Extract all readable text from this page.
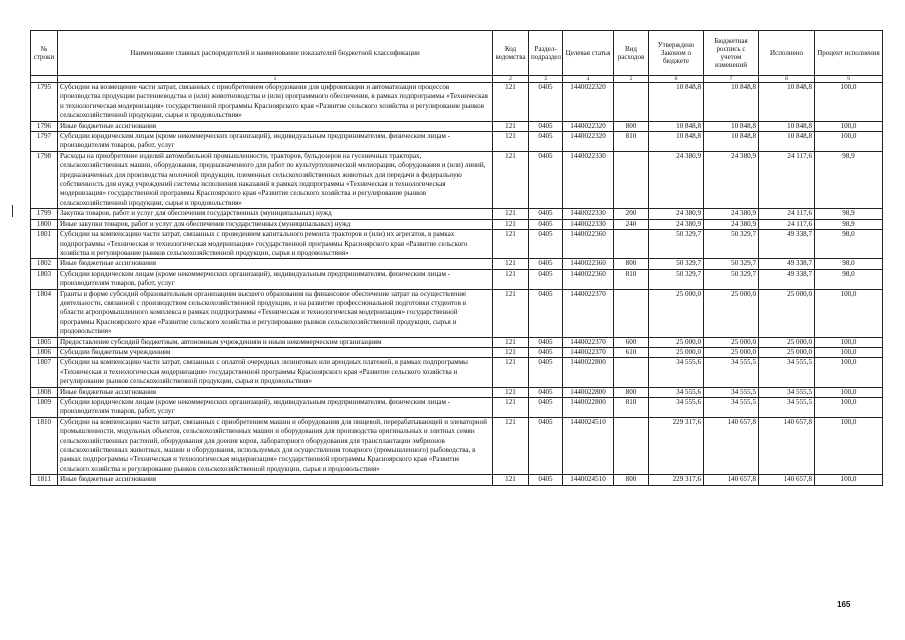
№ строки	Наименование главных распорядителей и наименование показателей бюджетной классификации	Код ведомства	Раздел-подраздел	Целевая статья	Вид расходов	Утверждено Законом о бюджете	Бюджетная роспись с учетом изменений	Исполнено	Процент исполнения
	1	2	3	4	5	6	7	8	9
1795	Субсидии на возмещение части затрат, связанных с приобретением оборудования для цифровизации и автоматизации процессов производства продукции растениеводства и (или) животноводства и (или) программного обеспечения, в рамках подпрограммы «Техническая и технологическая модернизация» государственной программы Красноярского края «Развитие сельского хозяйства и регулирование рынков сельскохозяйственной продукции, сырья и продовольствия»	121	0405	1440022320		10 848,8	10 848,8	10 848,8	100,0
1796	Иные бюджетные ассигнования	121	0405	1440022320	800	10 848,8	10 848,8	10 848,8	100,0
1797	Субсидии юридическим лицам (кроме некоммерческих организаций), индивидуальным предпринимателям, физическим лицам - производителям товаров, работ, услуг	121	0405	1440022320	810	10 848,8	10 848,8	10 848,8	100,0
1798	Расходы на приобретение изделий автомобильной промышленности, тракторов, бульдозеров на гусеничных тракторах, сельскохозяйственных машин, оборудования, предназначенного для работ по культуртехнической мелиорации, оборудования и (или) линий, предназначенных для производства молочной продукции, племенных сельскохозяйственных животных для передачи в федеральную собственность для нужд учреждений системы исполнения наказаний в рамках подпрограммы «Техническая и технологическая модернизация» государственной программы Красноярского края «Развитие сельского хозяйства и регулирование рынков сельскохозяйственной продукции, сырья и продовольствия»	121	0405	1440022330		24 380,9	24 380,9	24 117,6	98,9
1799	Закупка товаров, работ и услуг для обеспечения государственных (муниципальных) нужд	121	0405	1440022330	200	24 380,9	24 380,9	24 117,6	98,9
1800	Иные закупки товаров, работ и услуг для обеспечения государственных (муниципальных) нужд	121	0405	1440022330	240	24 380,9	24 380,9	24 117,6	98,9
1801	Субсидии на компенсацию части затрат, связанных с проведением капитального ремонта тракторов и (или) их агрегатов, в рамках подпрограммы «Техническая и технологическая модернизация» государственной программы Красноярского края «Развитие сельского хозяйства и регулирование рынков сельскохозяйственной продукции, сырья и продовольствия»	121	0405	1440022360		50 329,7	50 329,7	49 338,7	98,0
1802	Иные бюджетные ассигнования	121	0405	1440022360	800	50 329,7	50 329,7	49 338,7	98,0
1803	Субсидии юридическим лицам (кроме некоммерческих организаций), индивидуальным предпринимателям, физическим лицам - производителям товаров, работ, услуг	121	0405	1440022360	810	50 329,7	50 329,7	49 338,7	98,0
1804	Гранты в форме субсидий образовательным организациям высшего образования на финансовое обеспечение затрат на осуществление деятельности, связанной с производством сельскохозяйственной продукции, и на развитие профессиональной подготовки студентов в области агропромышленного комплекса в рамках подпрограммы «Техническая и технологическая модернизация» государственной программы Красноярского края «Развитие сельского хозяйства и регулирование рынков сельскохозяйственной продукции, сырья и продовольствия»	121	0405	1440022370		25 000,0	25 000,0	25 000,0	100,0
1805	Предоставление субсидий бюджетным, автономным учреждениям и иным некоммерческим организациям	121	0405	1440022370	600	25 000,0	25 000,0	25 000,0	100,0
1806	Субсидии бюджетным учреждениям	121	0405	1440022370	610	25 000,0	25 000,0	25 000,0	100,0
1807	Субсидии на компенсацию части затрат, связанных с оплатой очередных лизинговых или арендных платежей, в рамках подпрограммы «Техническая и технологическая модернизация» государственной программы Красноярского края «Развитие сельского хозяйства и регулирование рынков сельскохозяйственной продукции, сырья и продовольствия»	121	0405	1440022800		34 555,6	34 555,5	34 555,5	100,0
1808	Иные бюджетные ассигнования	121	0405	1440022800	800	34 555,6	34 555,5	34 555,5	100,0
1809	Субсидии юридическим лицам (кроме некоммерческих организаций), индивидуальным предпринимателям, физическим лицам - производителям товаров, работ, услуг	121	0405	1440022800	810	34 555,6	34 555,5	34 555,5	100,0
1810	Субсидии на компенсацию части затрат, связанных с приобретением машин и оборудования для пищевой, перерабатывающей и элеваторной промышленности, модульных объектов, сельскохозяйственных машин и оборудования для производства оригинальных и элитных семян сельскохозяйственных растений, оборудования для доения коров, лабораторного оборудования для трансплантации эмбрионов сельскохозяйственных животных, машин и оборудования, используемых для осуществления товарного (промышленного) рыбоводства, в рамках подпрограммы «Техническая и технологическая модернизация» государственной программы Красноярского края «Развитие сельского хозяйства и регулирование рынков сельскохозяйственной продукции, сырья и продовольствия»	121	0405	1440024510		229 317,6	140 657,8	140 657,8	100,0
1811	Иные бюджетные ассигнования	121	0405	1440024510	800	229 317,6	140 657,8	140 657,8	100,0
165
